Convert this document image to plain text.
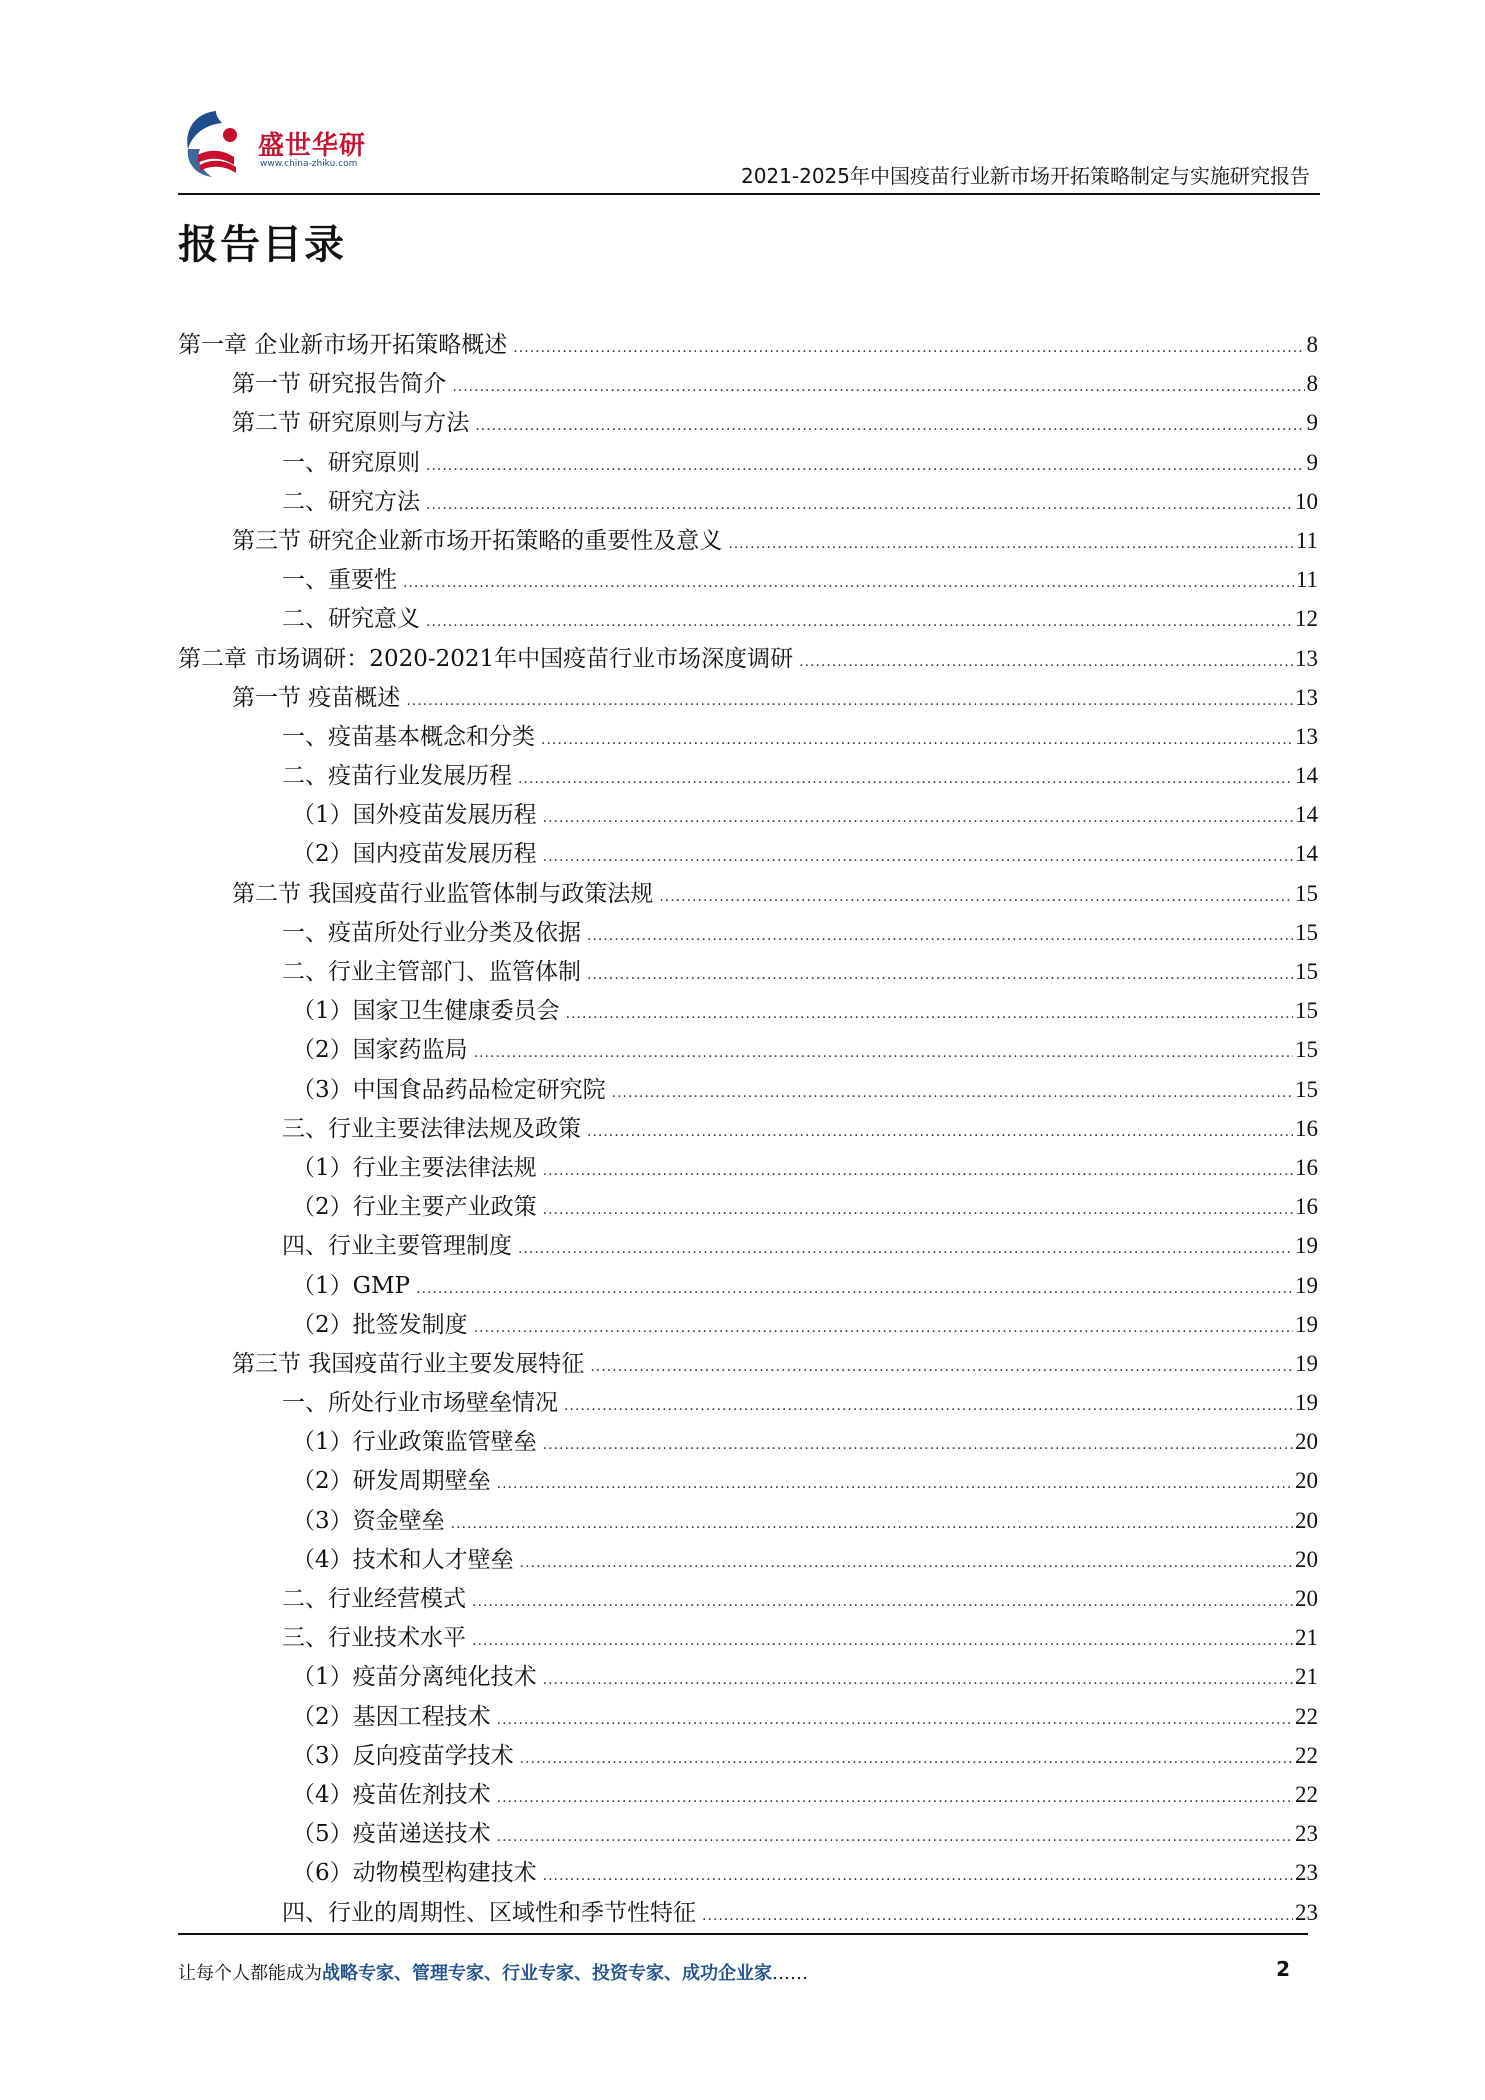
盛世华研
www.china-zhiku.com	2021-2025年中国疫苗行业新市场开拓策略制定与实施研究报告
报告目录
第一章 企业新市场开拓策略概述 .....	8
第一节 研究报告简介 .....	8
第二节 研究原则与方法 .....	9
一、研究原则 .....	9
二、研究方法 .....	10
第三节 研究企业新市场开拓策略的重要性及意义 .....	11
一、重要性 .....	11
二、研究意义 .....	12
第二章 市场调研：2020-2021年中国疫苗行业市场深度调研 .....	13
第一节 疫苗概述 .....	13
一、疫苗基本概念和分类 .....	13
二、疫苗行业发展历程 .....	14
（1）国外疫苗发展历程 .....	14
（2）国内疫苗发展历程 .....	14
第二节 我国疫苗行业监管体制与政策法规 .....	15
一、疫苗所处行业分类及依据 .....	15
二、行业主管部门、监管体制 .....	15
（1）国家卫生健康委员会 .....	15
（2）国家药监局 .....	15
（3）中国食品药品检定研究院 .....	15
三、行业主要法律法规及政策 .....	16
（1）行业主要法律法规 .....	16
（2）行业主要产业政策 .....	16
四、行业主要管理制度 .....	19
（1）GMP .....	19
（2）批签发制度 .....	19
第三节 我国疫苗行业主要发展特征 .....	19
一、所处行业市场壁垒情况 .....	19
（1）行业政策监管壁垒 .....	20
（2）研发周期壁垒 .....	20
（3）资金壁垒 .....	20
（4）技术和人才壁垒 .....	20
二、行业经营模式 .....	20
三、行业技术水平 .....	21
（1）疫苗分离纯化技术 .....	21
（2）基因工程技术 .....	22
（3）反向疫苗学技术 .....	22
（4）疫苗佐剂技术 .....	22
（5）疫苗递送技术 .....	23
（6）动物模型构建技术 .....	23
四、行业的周期性、区域性和季节性特征 .....	23
让每个人都能成为战略专家、管理专家、行业专家、投资专家、成功企业家……	2
